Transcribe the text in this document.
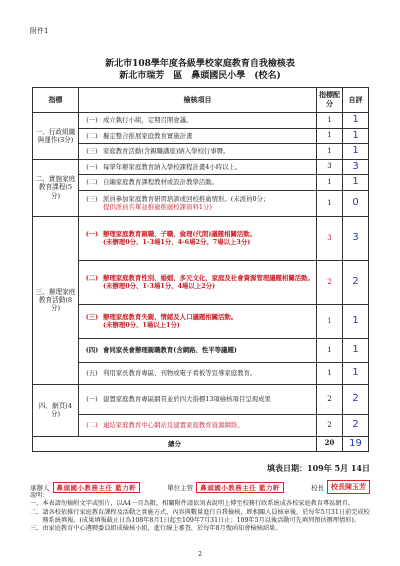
附件1
新北市108學年度各級學校家庭教育自我檢核表
新北市瑞芳　區　鼻頭國民小學　(校名)
指標	檢核項目	指標配分	自評
一、行政組織與運作(3分)	(一) 成立執行小組，定期召開會議。	1	1

	(二) 擬定整合推展家庭教育實施計畫	1	1

	(三) 家庭教育活動(含親職講座)納入學校行事曆。	1	1
二、實施家庭教育課程(5分)	(一) 每學年辦家庭教育納入學校課程計畫4小時以上。	3	3

	(二) 自編家庭教育課程教材或設計教學活動。	1	1

	(三) 派員參加家庭教育研習培訓或回校推廣情形。(未派員0分；
提供派員名單並推廣推廣校課資料1分)	1	0
三、辦理家庭教育活動(8分)	(一) 辦理家庭教育親職、子職、倫理(代間)議題相關活動。
(未辦理0分、1-3場1分、4-6場2分、7場以上3分)	3	3

	(二) 辦理家庭教育性別、婚姻、多元文化、家庭及社會資源管理議題相關活動。(未辦理0分、1-3場1分、4場以上2分)	2	2

	(三) 辦理家庭教育失親、情緒及人口議題相關活動。
(未辦理0分、1場以上1分)	1	1

	(四) 會同家長會辦理親職教育(含網路、性平等議題)	1	1

	(五) 利用家長教育專區、刊物或電子看板等宣導家庭教育。	1	1
四、網頁(4分)	(一) 建置家庭教育專區網頁並於四大指標13項檢核項目呈現成果	2	2

	(二) 連結家庭教育中心網站及建置家庭教育資源網絡。	2	2
總分		20	19
填表日期：109年 5月 14日
承辦人	鼻頭國小教務主任 藍力軒	單位主管	鼻頭國小教務主任 藍力軒	校長	校長陳玉芳
說明：
一、 本表請勿檢附文字或照片，以A4一頁為限，相關附件請依須表說明上傳至校務行政系統成各校家庭教育專區網頁。
二、 請各校依推行家庭教育課程及活動之實施方式，內容與數量進行自我檢核，經相關人員核章後，於每年5月31日前完成校務系統填報。(成果填報截止日為108年8月1日起至109年7月31日止；109年5月以後活動可先填列預估辦理情形)。
三、 由家庭教育中心遴聘委員組成檢核小組，進行線上審查，於每年8月復函知會檢核結果。
2
